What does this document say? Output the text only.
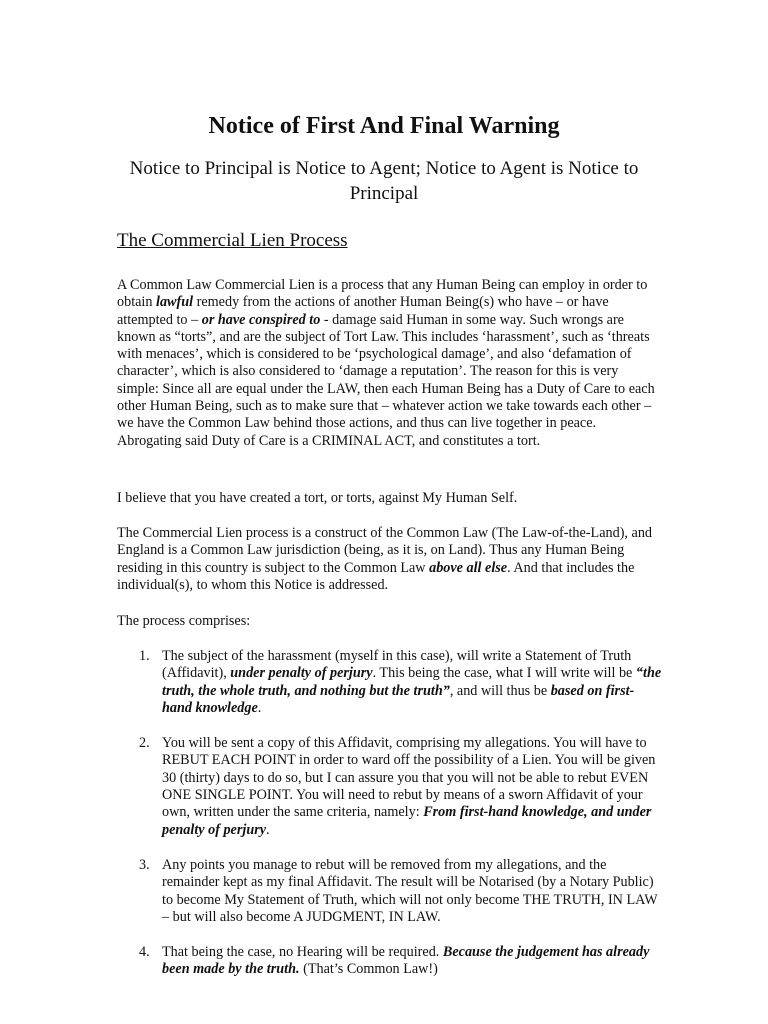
Notice of First And Final Warning
Notice to Principal is Notice to Agent; Notice to Agent is Notice to Principal
The Commercial Lien Process

A Common Law Commercial Lien is a process that any Human Being can employ in order to obtain lawful remedy from the actions of another Human Being(s) who have – or have attempted to – or have conspired to - damage said Human in some way. Such wrongs are known as “torts”, and are the subject of Tort Law. This includes ‘harassment’, such as ‘threats with menaces’, which is considered to be ‘psychological damage’, and also ‘defamation of character’, which is also considered to ‘damage a reputation’. The reason for this is very simple: Since all are equal under the LAW, then each Human Being has a Duty of Care to each other Human Being, such as to make sure that – whatever action we take towards each other – we have the Common Law behind those actions, and thus can live together in peace. Abrogating said Duty of Care is a CRIMINAL ACT, and constitutes a tort.

I believe that you have created a tort, or torts, against My Human Self.

The Commercial Lien process is a construct of the Common Law (The Law-of-the-Land), and England is a Common Law jurisdiction (being, as it is, on Land). Thus any Human Being residing in this country is subject to the Common Law above all else. And that includes the individual(s), to whom this Notice is addressed.

The process comprises:

1. The subject of the harassment (myself in this case), will write a Statement of Truth (Affidavit), under penalty of perjury. This being the case, what I will write will be “the truth, the whole truth, and nothing but the truth”, and will thus be based on first-hand knowledge.
2. You will be sent a copy of this Affidavit, comprising my allegations. You will have to REBUT EACH POINT in order to ward off the possibility of a Lien. You will be given 30 (thirty) days to do so, but I can assure you that you will not be able to rebut EVEN ONE SINGLE POINT. You will need to rebut by means of a sworn Affidavit of your own, written under the same criteria, namely: From first-hand knowledge, and under penalty of perjury.
3. Any points you manage to rebut will be removed from my allegations, and the remainder kept as my final Affidavit. The result will be Notarised (by a Notary Public) to become My Statement of Truth, which will not only become THE TRUTH, IN LAW – but will also become A JUDGMENT, IN LAW.
4. That being the case, no Hearing will be required. Because the judgement has already been made by the truth. (That’s Common Law!)
